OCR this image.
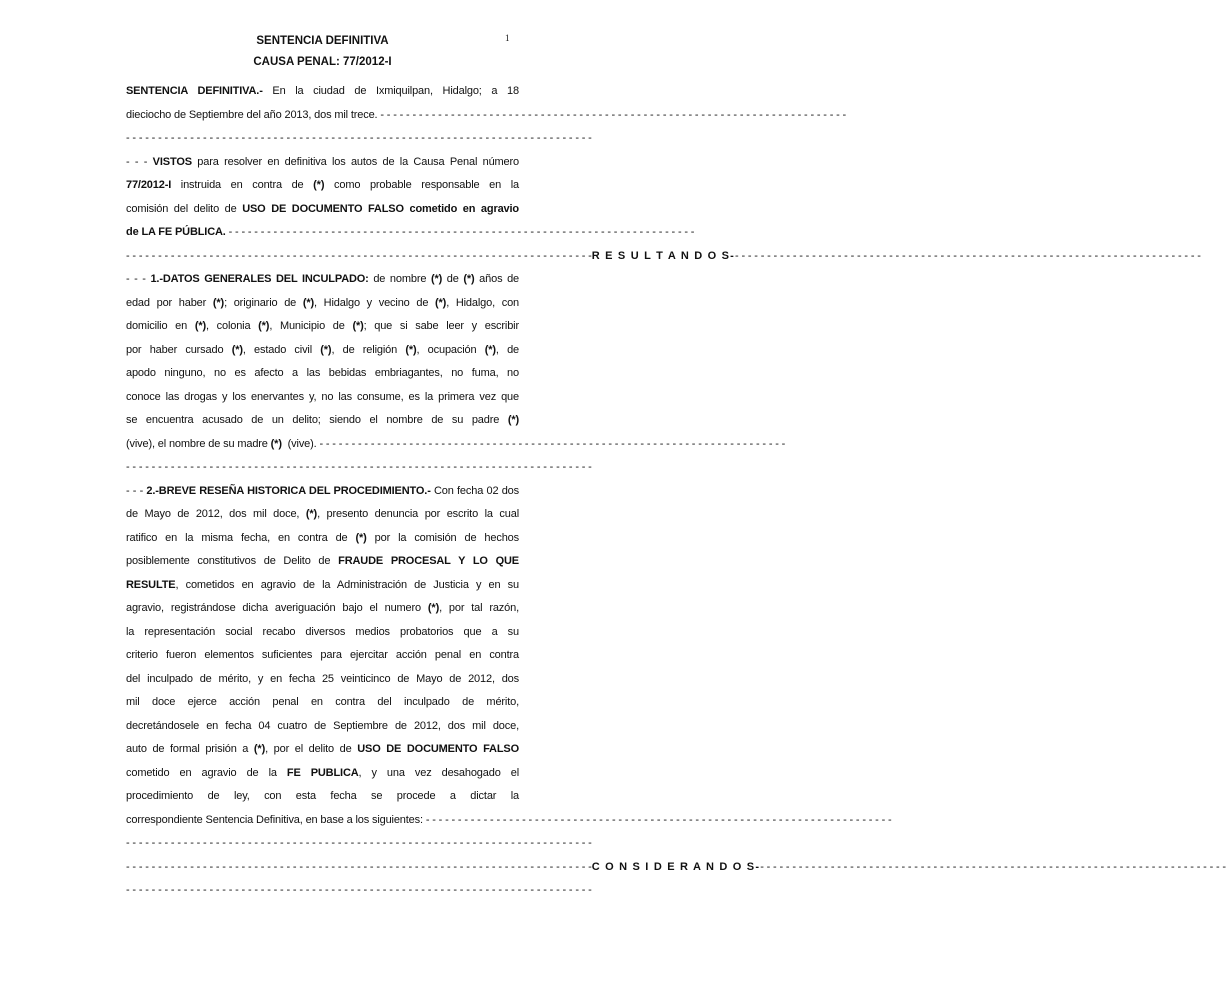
SENTENCIA DEFINITIVA
CAUSA PENAL: 77/2012-I
1
SENTENCIA DEFINITIVA.- En la ciudad de Ixmiquilpan, Hidalgo; a 18
dieciocho de Septiembre del año 2013, dos mil trece. - - - - - - - - - - - - - - - - - - - - - - - - - - - - - - - - - - - - - - - - - - - - - - - - - - - - - - - - - - - - - - - - - - - - - - - - -
- - - - - - - - - - - - - - - - - - - - - - - - - - - - - - - - - - - - - - - - - - - - - - - - - - - - - - - - - - - - - - - - - - - - - - - - -
- - - VISTOS para resolver en definitiva los autos de la Causa Penal número
77/2012-I instruida en contra de (*) como probable responsable en la
comisión del delito de USO DE DOCUMENTO FALSO cometido en agravio
de LA FE PÚBLICA.
- - - - - - - - - - - - - - - - - - - - - - - - - - - - - - - - - - - - - - - - - - - - - - - - - - - - - - - - - - - - - - - - - - - - - - - - -
- - - - - - - - - - - - - - - - - - - - - - - - - - - - - - - - - - - - - - - - - - - - - - - - - - - - - - - - - - - - - - - - - - - - - - - - - R E S U L T A N D O S- - - - - - - - - - - - - - - - - - - - - - - - - - - - - - - - - - - - - - - - - - - - - - - - - - - - - - - - - - - - - - - - - - - - - - - - - -
- - - 1.-DATOS GENERALES DEL INCULPADO: de nombre (*) de (*) años de
edad por haber (*); originario de (*), Hidalgo y vecino de (*), Hidalgo, con
domicilio en (*), colonia (*), Municipio de (*); que si sabe leer y escribir
por haber cursado (*), estado civil (*), de religión (*), ocupación (*), de
apodo ninguno, no es afecto a las bebidas embriagantes, no fuma, no
conoce las drogas y los enervantes y, no las consume, es la primera vez que
se encuentra acusado de un delito; siendo el nombre de su padre (*)
(vive), el nombre de su madre (*) (vive). - - - - - - - - - - - - - - - - - - - - - - - - - - - - - - - - - - - - - - - - - - - - - - - - - - - - - - - - - - - - - - - - - - - - - - - - -
- - - - - - - - - - - - - - - - - - - - - - - - - - - - - - - - - - - - - - - - - - - - - - - - - - - - - - - - - - - - - - - - - - - - - - - - -
- - - 2.-BREVE RESEÑA HISTORICA DEL PROCEDIMIENTO.- Con fecha 02 dos
de Mayo de 2012, dos mil doce, (*), presento denuncia por escrito la cual
ratifico en la misma fecha, en contra de (*) por la comisión de hechos
posiblemente constitutivos de Delito de FRAUDE PROCESAL Y LO QUE
RESULTE, cometidos en agravio de la Administración de Justicia y en su
agravio, registrándose dicha averiguación bajo el numero (*), por tal razón,
la representación social recabo diversos medios probatorios que a su
criterio fueron elementos suficientes para ejercitar acción penal en contra
del inculpado de mérito, y en fecha 25 veinticinco de Mayo de 2012, dos
mil doce ejerce acción penal en contra del inculpado de mérito,
decretándosele en fecha 04 cuatro de Septiembre de 2012, dos mil doce,
auto de formal prisión a (*), por el delito de USO DE DOCUMENTO FALSO
cometido en agravio de la FE PUBLICA, y una vez desahogado el
procedimiento de ley, con esta fecha se procede a dictar la
correspondiente Sentencia Definitiva, en base a los siguientes: - - - - - - - - - - - - - - - - - - - - - - - - - - - - - - - - - - - - - - - - - - - - - - - - - - - - - - - - - - - - - - - - - - - - - - - - -
- - - - - - - - - - - - - - - - - - - - - - - - - - - - - - - - - - - - - - - - - - - - - - - - - - - - - - - - - - - - - - - - - - - - - - - - -
- - - - - - - - - - - - - - - - - - - - - - - - - - - - - - - - - - - - - - - - - - - - - - - - - - - - - - - - - - - - - - - - - - - - - - - - - C O N S I D E R A N D O S- - - - - - - - - - - - - - - - - - - - - - - - - - - - - - - - - - - - - - - - - - - - - - - - - - - - - - - - - - - - - - - - - - - - - - - - - -
- - - - - - - - - - - - - - - - - - - - - - - - - - - - - - - - - - - - - - - - - - - - - - - - - - - - - - - - - - - - - - - - - - - - - - - - -
